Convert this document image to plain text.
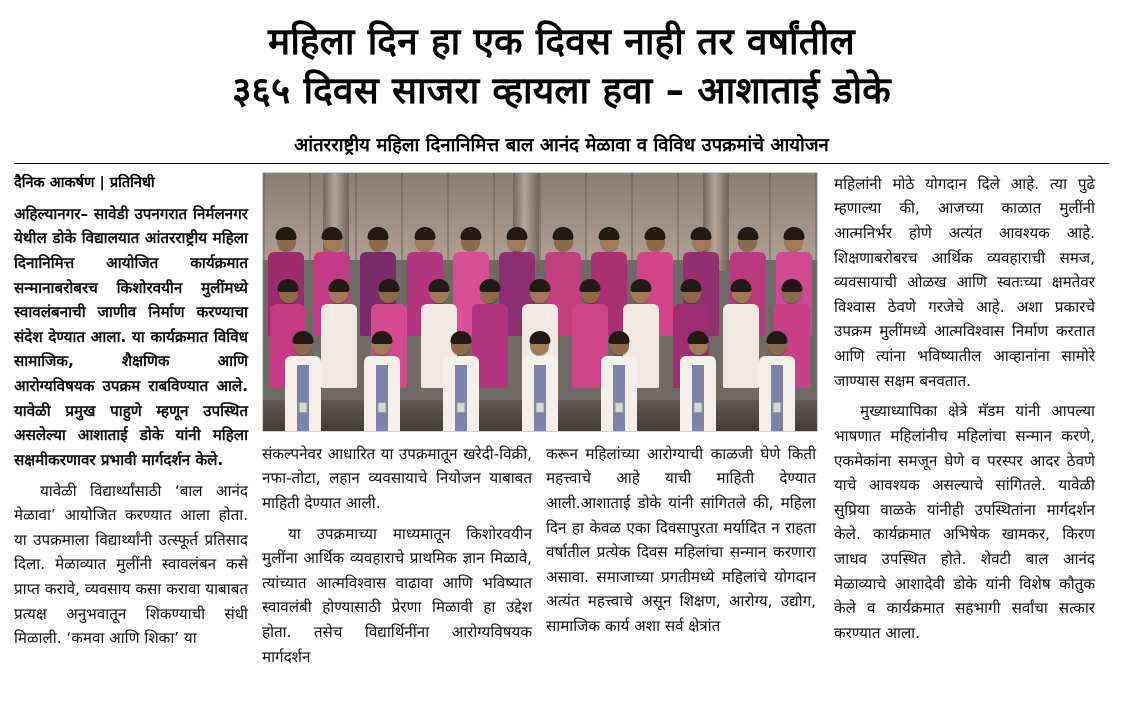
महिला दिन हा एक दिवस नाही तर वर्षांतील
३६५ दिवस साजरा व्हायला हवा – आशाताई डोके
आंतरराष्ट्रीय महिला दिनानिमित्त बाल आनंद मेळावा व विविध उपक्रमांचे आयोजन
दैनिक आकर्षण | प्रतिनिधी

अहिल्यानगर– सावेडी उपनगरात निर्मलनगर येथील डोके विद्यालयात आंतरराष्ट्रीय महिला दिनानिमित्त आयोजित कार्यक्रमात सन्मानाबरोबरच किशोरवयीन मुलींमध्ये स्वावलंबनाची जाणीव निर्माण करण्याचा संदेश देण्यात आला. या कार्यक्रमात विविध सामाजिक, शैक्षणिक आणि आरोग्यविषयक उपक्रम राबविण्यात आले. यावेळी प्रमुख पाहुणे म्हणून उपस्थित असलेल्या आशाताई डोके यांनी महिला सक्षमीकरणावर प्रभावी मार्गदर्शन केले.

यावेळी विद्यार्थ्यांसाठी ‘बाल आनंद मेळावा’ आयोजित करण्यात आला होता. या उपक्रमाला विद्यार्थ्यांनी उत्स्फूर्त प्रतिसाद दिला. मेळाव्यात मुलींनी स्वावलंबन कसे प्राप्त करावे, व्यवसाय कसा करावा याबाबत प्रत्यक्ष अनुभवातून शिकण्याची संधी मिळाली. ‘कमवा आणि शिका’ या

संकल्पनेवर आधारित या उपक्रमातून खरेदी-विक्री, नफा-तोटा, लहान व्यवसायाचे नियोजन याबाबत माहिती देण्यात आली.

या उपक्रमाच्या माध्यमातून किशोरवयीन मुलींना आर्थिक व्यवहाराचे प्राथमिक ज्ञान मिळावे, त्यांच्यात आत्मविश्वास वाढावा आणि भविष्यात स्वावलंबी होण्यासाठी प्रेरणा मिळावी हा उद्देश होता. तसेच विद्यार्थिनींना आरोग्यविषयक मार्गदर्शन

करून महिलांच्या आरोग्याची काळजी घेणे किती महत्त्वाचे आहे याची माहिती देण्यात आली.आशाताई डोके यांनी सांगितले की, महिला दिन हा केवळ एका दिवसापुरता मर्यादित न राहता वर्षातील प्रत्येक दिवस महिलांचा सन्मान करणारा असावा. समाजाच्या प्रगतीमध्ये महिलांचे योगदान अत्यंत महत्त्वाचे असून शिक्षण, आरोग्य, उद्योग, सामाजिक कार्य अशा सर्व क्षेत्रांत

महिलांनी मोठे योगदान दिले आहे. त्या पुढे म्हणाल्या की, आजच्या काळात मुलींनी आत्मनिर्भर होणे अत्यंत आवश्यक आहे. शिक्षणाबरोबरच आर्थिक व्यवहाराची समज, व्यवसायाची ओळख आणि स्वतःच्या क्षमतेवर विश्वास ठेवणे गरजेचे आहे. अशा प्रकारचे उपक्रम मुलींमध्ये आत्मविश्वास निर्माण करतात आणि त्यांना भविष्यातील आव्हानांना सामोरे जाण्यास सक्षम बनवतात.

मुख्याध्यापिका क्षेत्रे मॅडम यांनी आपल्या भाषणात महिलांनीच महिलांचा सन्मान करणे, एकमेकांना समजून घेणे व परस्पर आदर ठेवणे याचे आवश्यक असल्याचे सांगितले. यावेळी सुप्रिया वाळके यांनीही उपस्थितांना मार्गदर्शन केले. कार्यक्रमात अभिषेक खामकर, किरण जाधव उपस्थित होते. शेवटी बाल आनंद मेळाव्याचे आशादेवी डोके यांनी विशेष कौतुक केले व कार्यक्रमात सहभागी सर्वांचा सत्कार करण्यात आला.
